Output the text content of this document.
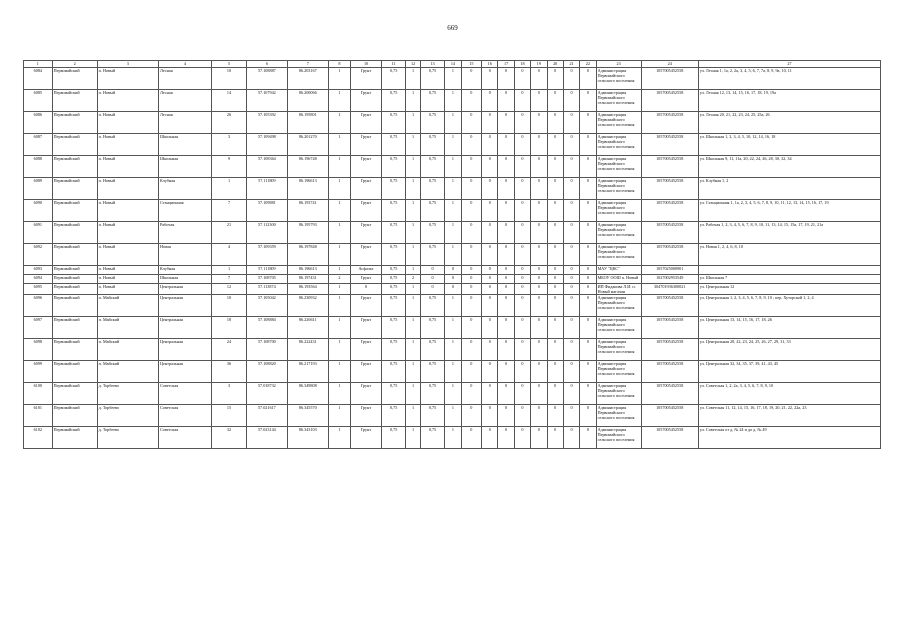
669
1	2	3	4	5	6	7	8	10	11	12	13	14	15	16	17	18	19	20	21	22	23	24	27
6084	Первомайский	п. Новый	Лесная	10	57.108887	86.203167	1	Грунт	0,75	1	0,75	1	0	0	0	0	0	0	0	0	Администрация Первомайского сельского поселения	1057005452558	ул. Лесная 1, 1а, 2, 2а, 3, 4, 5, 6, 7, 7а, 8, 9, 9а, 10, 11
6085	Первомайский	п. Новый	Лесная	14	57.107942	86.200066	1	Грунт	0,75	1	0,75	1	0	0	0	0	0	0	0	0	Администрация Первомайского сельского поселения	1057005452558	ул. Лесная 12, 13, 14, 15, 16, 17, 18, 19, 19а
6086	Первомайский	п. Новый	Лесная	26	57.105392	86.195801	1	Грунт	0,75	1	0,75	1	0	0	0	0	0	0	0	0	Администрация Первомайского сельского поселения	1057005452558	ул. Лесная 20, 21, 22, 23, 24, 25, 25а, 26
6087	Первомайский	п. Новый	Школьная	3	57.109498	86.201270	1	Грунт	0,75	1	0,75	1	0	0	0	0	0	0	0	0	Администрация Первомайского сельского поселения	1057005452558	ул. Школьная 1, 2, 3, 4, 5, 10, 12, 14, 16, 18
6088	Первомайский	п. Новый	Школьная	9	57.108364	86.196748	1	Грунт	0,75	1	0,75	1	0	0	0	0	0	0	0	0	Администрация Первомайского сельского поселения	1057005452558	ул. Школьная 9, 11, 11а, 20, 22, 24, 26, 28, 30, 32, 34
6089	Первомайский	п. Новый	Клубная	1	57.111809	86.196613	1	Грунт	0,75	1	0,75	1	0	0	0	0	0	0	0	0	Администрация Первомайского сельского поселения	1057005452558	ул. Клубная 1, 2
6090	Первомайский	п. Новый	Станционная	7	57.109881	86.193741	1	Грунт	0,75	1	0,75	1	0	0	0	0	0	0	0	0	Администрация Первомайского сельского поселения	1057005452558	ул. Станционная 1, 1а, 2, 3, 4, 5, 6, 7, 8, 9, 10, 11, 12, 13, 14, 15, 16, 17, 19
6091	Первомайский	п. Новый	Рабочая	21	57.112300	86.195793	1	Грунт	0,75	1	0,75	1	0	0	0	0	0	0	0	0	Администрация Первомайского сельского поселения	1057005452558	ул. Рабочая 1, 2, 3, 4, 5, 6, 7, 8, 9, 10, 11, 13, 14, 15, 15а, 17, 19, 21, 21а
6092	Первомайский	п. Новый	Новая	4	57.109359	86.197848	1	Грунт	0,75	1	0,75	1	0	0	0	0	0	0	0	0	Администрация Первомайского сельского поселения	1057005452558	ул. Новая 1, 2, 4, 6, 8, 10
6093	Первомайский	п. Новый	Клубная	1	57.111809	86.196613	1	Асфальт	0,75	1	0	0	0	0	0	0	0	0	0	0	МАУ "ЦКС"	1057025000901	
6094	Первомайский	п. Новый	Школьная	7	57.108705	86.197431	2	Грунт	0,75	2	0	0	0	0	0	0	0	0	0	0	МБОУ ООШ п. Новый	1027002953549	ул. Школьная 7
6095	Первомайский	п. Новый	Центральная	12	57.113874	86.193564	1	0	0,75	1	0	0	0	0	0	0	0	0	0	0	ИП Фиданова Л.И. п. Новый магазин	304701936300021	ул. Центральная 12
6096	Первомайский	п. Майский	Центральная	10	57.105042	86.230932	1	Грунт	0,75	1	0,75	1	0	0	0	0	0	0	0	0	Администрация Первомайского сельского поселения	1057005452558	ул. Центральная 1, 2, 3, 4, 5, 6, 7, 8, 9, 10 ; пер. Хуторской 1, 2, 4
6097	Первомайский	п. Майский	Центральная	18	57.108884	86.226611	1	Грунт	0,75	1	0,75	1	0	0	0	0	0	0	0	0	Администрация Первомайского сельского поселения	1057005452558	ул. Центральная 13, 14, 15, 16, 17, 18, 26
6098	Первомайский	п. Майский	Центральная	24	57.108700	86.222431	1	Грунт	0,75	1	0,75	1	0	0	0	0	0	0	0	0	Администрация Первомайского сельского поселения	1057005452558	ул. Центральная 20, 22, 23, 24, 25, 26, 27, 29, 31, 33
6099	Первомайский	п. Майский	Центральная	36	57.108820	86.217193	1	Грунт	0,75	1	0,75	1	0	0	0	0	0	0	0	0	Администрация Первомайского сельского поселения	1057005452558	ул. Центральная 32, 34, 35, 37, 39, 41, 43, 45
6100	Первомайский	д. Торбеево	Советская	3	57.018732	86.349808	1	Грунт	0,75	1	0,75	1	0	0	0	0	0	0	0	0	Администрация Первомайского сельского поселения	1057005452558	ул. Советская 1, 2, 2а, 3, 4, 5, 6, 7, 8, 9, 10
6101	Первомайский	д. Торбеево	Советская	15	57.021617	86.345570	1	Грунт	0,75	1	0,75	1	0	0	0	0	0	0	0	0	Администрация Первомайского сельского поселения	1057005452558	ул. Советская 11, 12, 14, 15, 16, 17, 18, 19, 20, 21, 22, 22а, 23
6102	Первомайский	д. Торбеево	Советская	32	57.023144	86.343103	1	Грунт	0,75	1	0,75	1	0	0	0	0	0	0	0	0	Администрация Первомайского сельского поселения	1057005452558	ул. Советская от д. № 24 и до д. № 49
